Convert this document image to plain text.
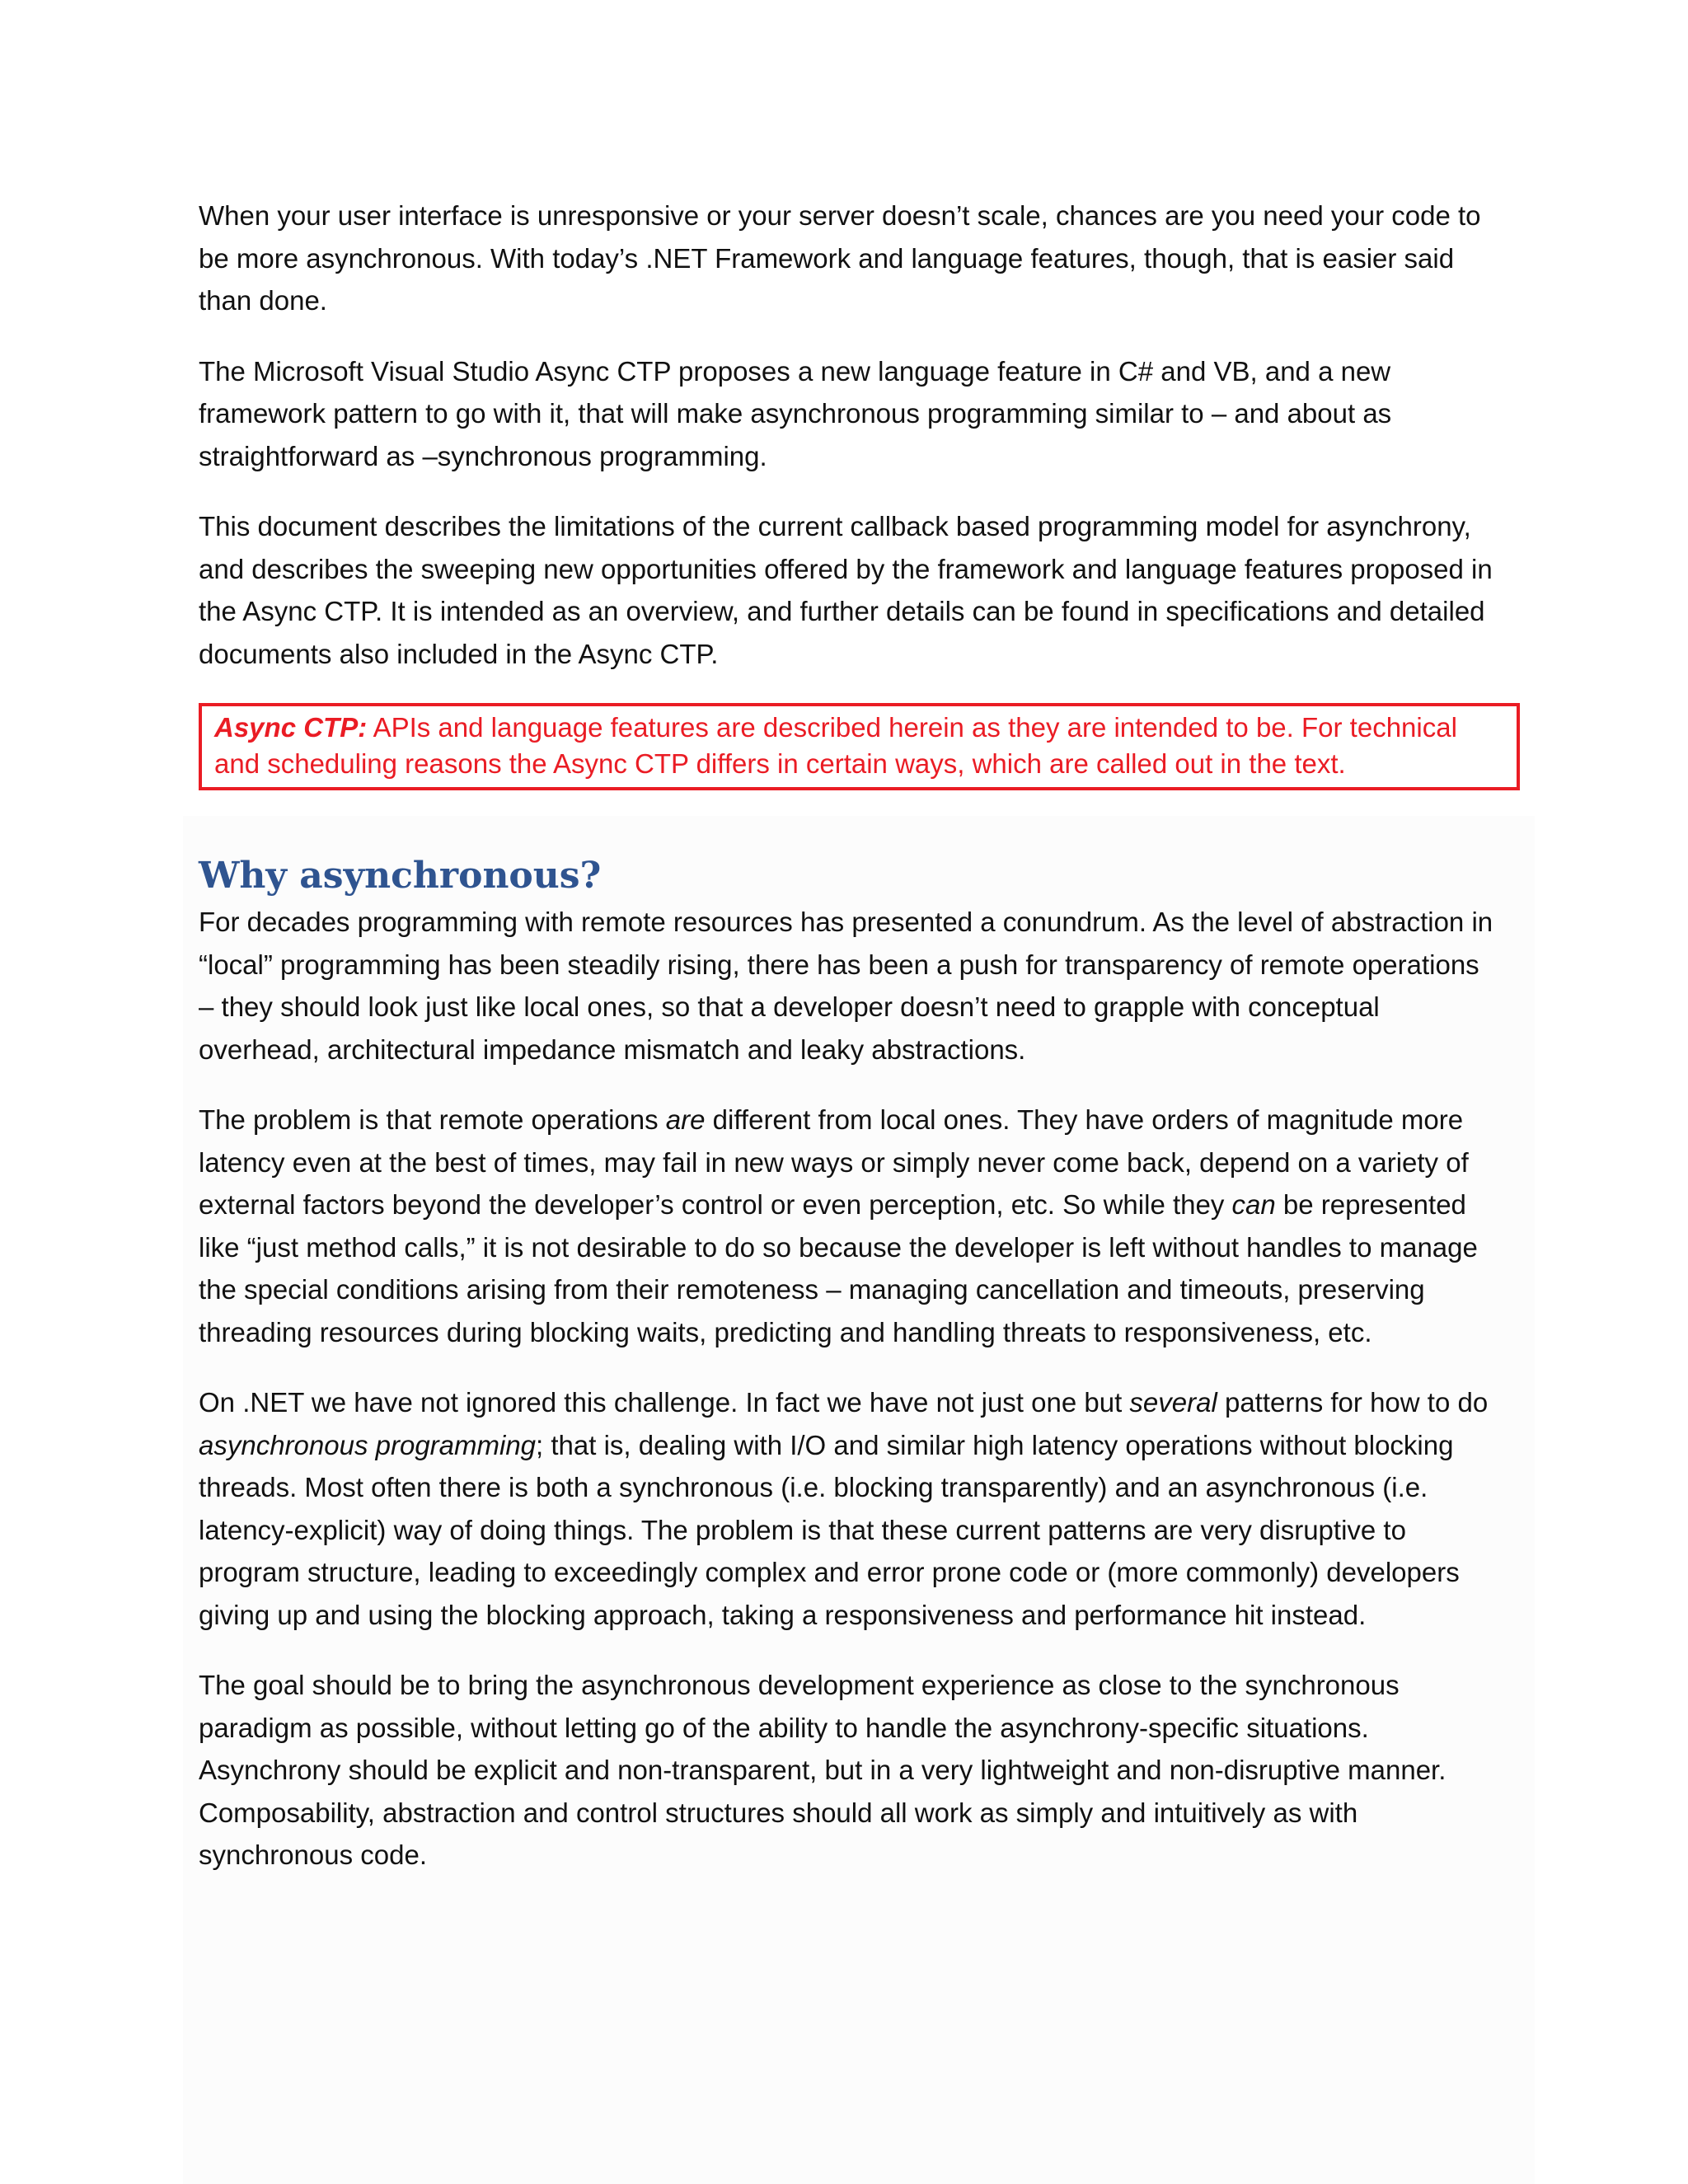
When your user interface is unresponsive or your server doesn’t scale, chances are you need your code to be more asynchronous. With today’s .NET Framework and language features, though, that is easier said than done.

The Microsoft Visual Studio Async CTP proposes a new language feature in C# and VB, and a new framework pattern to go with it, that will make asynchronous programming similar to – and about as straightforward as –synchronous programming.

This document describes the limitations of the current callback based programming model for asynchrony, and describes the sweeping new opportunities offered by the framework and language features proposed in the Async CTP. It is intended as an overview, and further details can be found in specifications and detailed documents also included in the Async CTP.

Async CTP: APIs and language features are described herein as they are intended to be. For technical and scheduling reasons the Async CTP differs in certain ways, which are called out in the text.
Why asynchronous?

For decades programming with remote resources has presented a conundrum. As the level of abstraction in “local” programming has been steadily rising, there has been a push for transparency of remote operations – they should look just like local ones, so that a developer doesn’t need to grapple with conceptual overhead, architectural impedance mismatch and leaky abstractions.

The problem is that remote operations are different from local ones. They have orders of magnitude more latency even at the best of times, may fail in new ways or simply never come back, depend on a variety of external factors beyond the developer’s control or even perception, etc. So while they can be represented like “just method calls,” it is not desirable to do so because the developer is left without handles to manage the special conditions arising from their remoteness – managing cancellation and timeouts, preserving threading resources during blocking waits, predicting and handling threats to responsiveness, etc.

On .NET we have not ignored this challenge. In fact we have not just one but several patterns for how to do asynchronous programming; that is, dealing with I/O and similar high latency operations without blocking threads. Most often there is both a synchronous (i.e. blocking transparently) and an asynchronous (i.e. latency-explicit) way of doing things. The problem is that these current patterns are very disruptive to program structure, leading to exceedingly complex and error prone code or (more commonly) developers giving up and using the blocking approach, taking a responsiveness and performance hit instead.

The goal should be to bring the asynchronous development experience as close to the synchronous paradigm as possible, without letting go of the ability to handle the asynchrony-specific situations. Asynchrony should be explicit and non-transparent, but in a very lightweight and non-disruptive manner. Composability, abstraction and control structures should all work as simply and intuitively as with synchronous code.
